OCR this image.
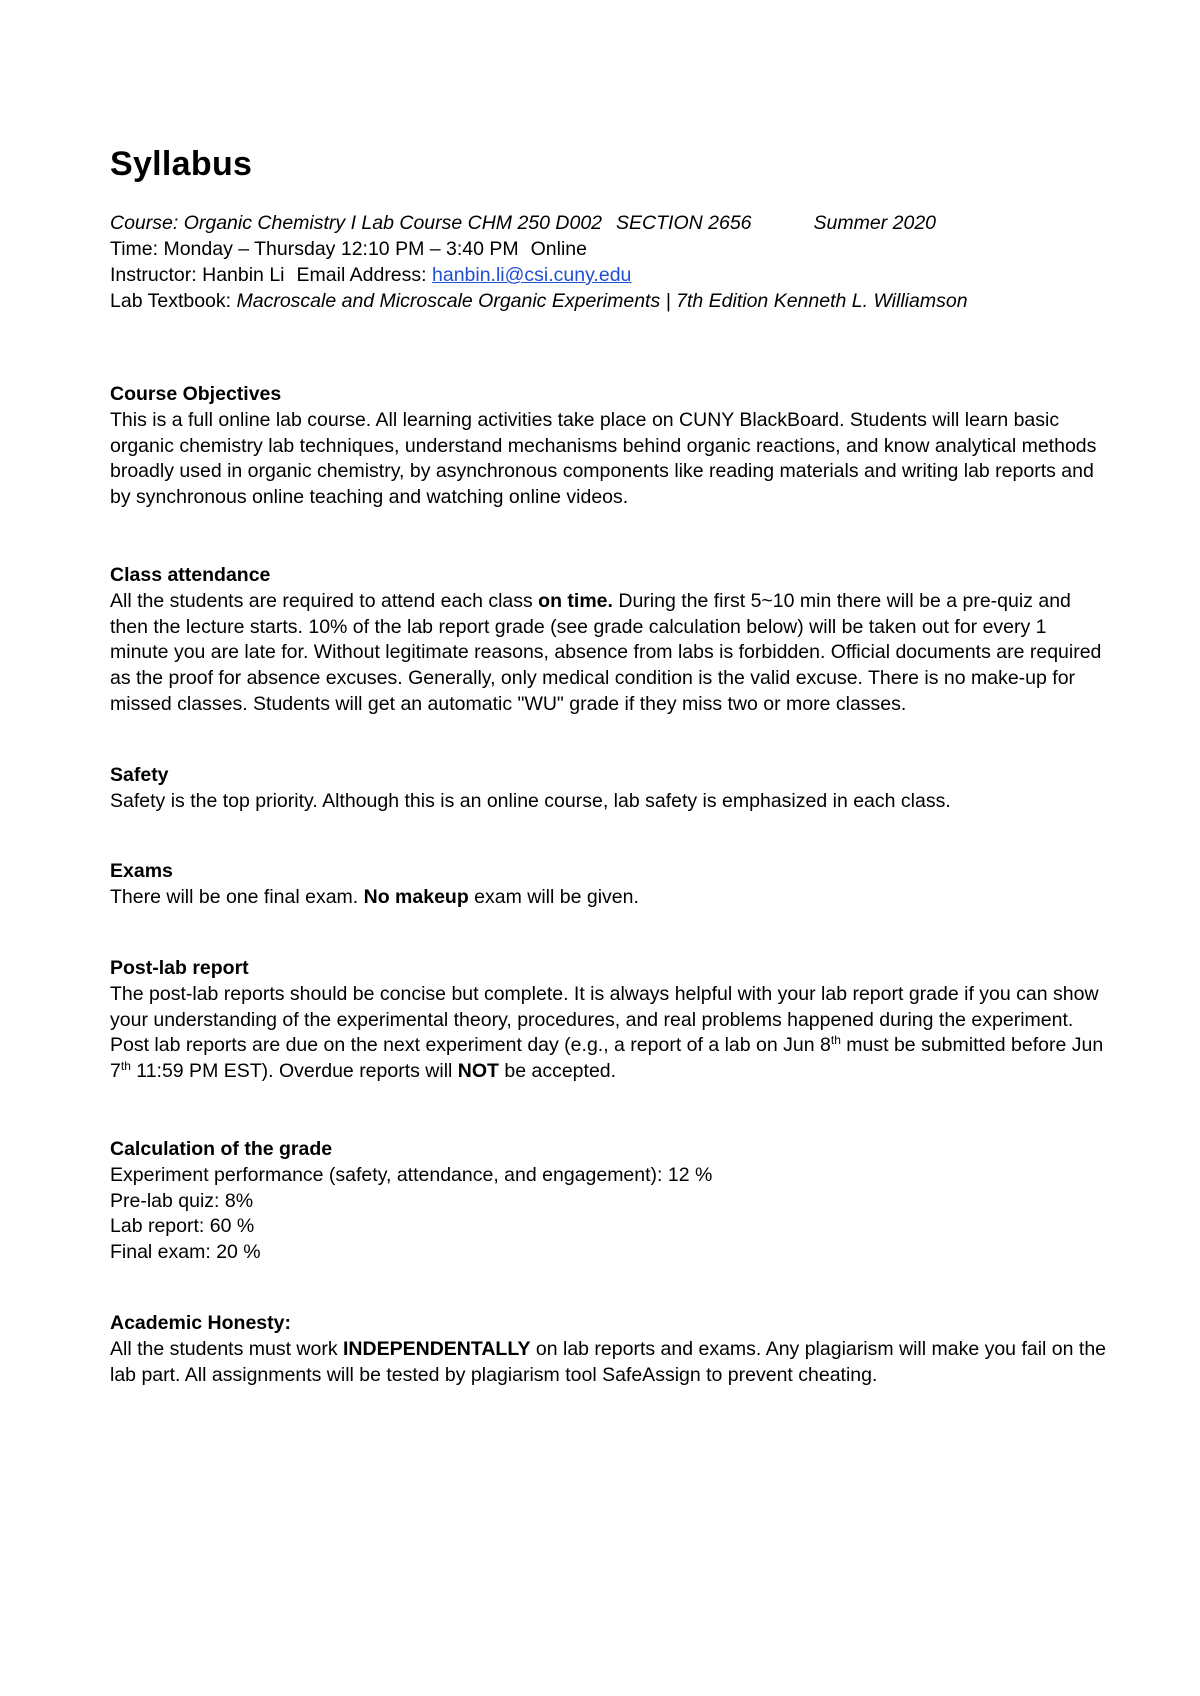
Syllabus
Course: Organic Chemistry I Lab Course CHM 250 D002 SECTION 2656	Summer 2020
Time: Monday – Thursday 12:10 PM – 3:40 PM Online
Instructor: Hanbin Li Email Address: hanbin.li@csi.cuny.edu
Lab Textbook: Macroscale and Microscale Organic Experiments | 7th Edition Kenneth L. Williamson
Course Objectives

This is a full online lab course. All learning activities take place on CUNY BlackBoard. Students will learn basic organic chemistry lab techniques, understand mechanisms behind organic reactions, and know analytical methods broadly used in organic chemistry, by asynchronous components like reading materials and writing lab reports and by synchronous online teaching and watching online videos.

Class attendance

All the students are required to attend each class on time. During the first 5~10 min there will be a pre-quiz and then the lecture starts. 10% of the lab report grade (see grade calculation below) will be taken out for every 1 minute you are late for. Without legitimate reasons, absence from labs is forbidden. Official documents are required as the proof for absence excuses. Generally, only medical condition is the valid excuse. There is no make-up for missed classes. Students will get an automatic "WU" grade if they miss two or more classes.

Safety

Safety is the top priority. Although this is an online course, lab safety is emphasized in each class.

Exams

There will be one final exam. No makeup exam will be given.

Post-lab report

The post-lab reports should be concise but complete. It is always helpful with your lab report grade if you can show your understanding of the experimental theory, procedures, and real problems happened during the experiment. Post lab reports are due on the next experiment day (e.g., a report of a lab on Jun 8th must be submitted before Jun 7th 11:59 PM EST). Overdue reports will NOT be accepted.

Calculation of the grade
Experiment performance (safety, attendance, and engagement): 12 %
Pre-lab quiz: 8%
Lab report: 60 %
Final exam: 20 %
Academic Honesty:

All the students must work INDEPENDENTALLY on lab reports and exams. Any plagiarism will make you fail on the lab part. All assignments will be tested by plagiarism tool SafeAssign to prevent cheating.
